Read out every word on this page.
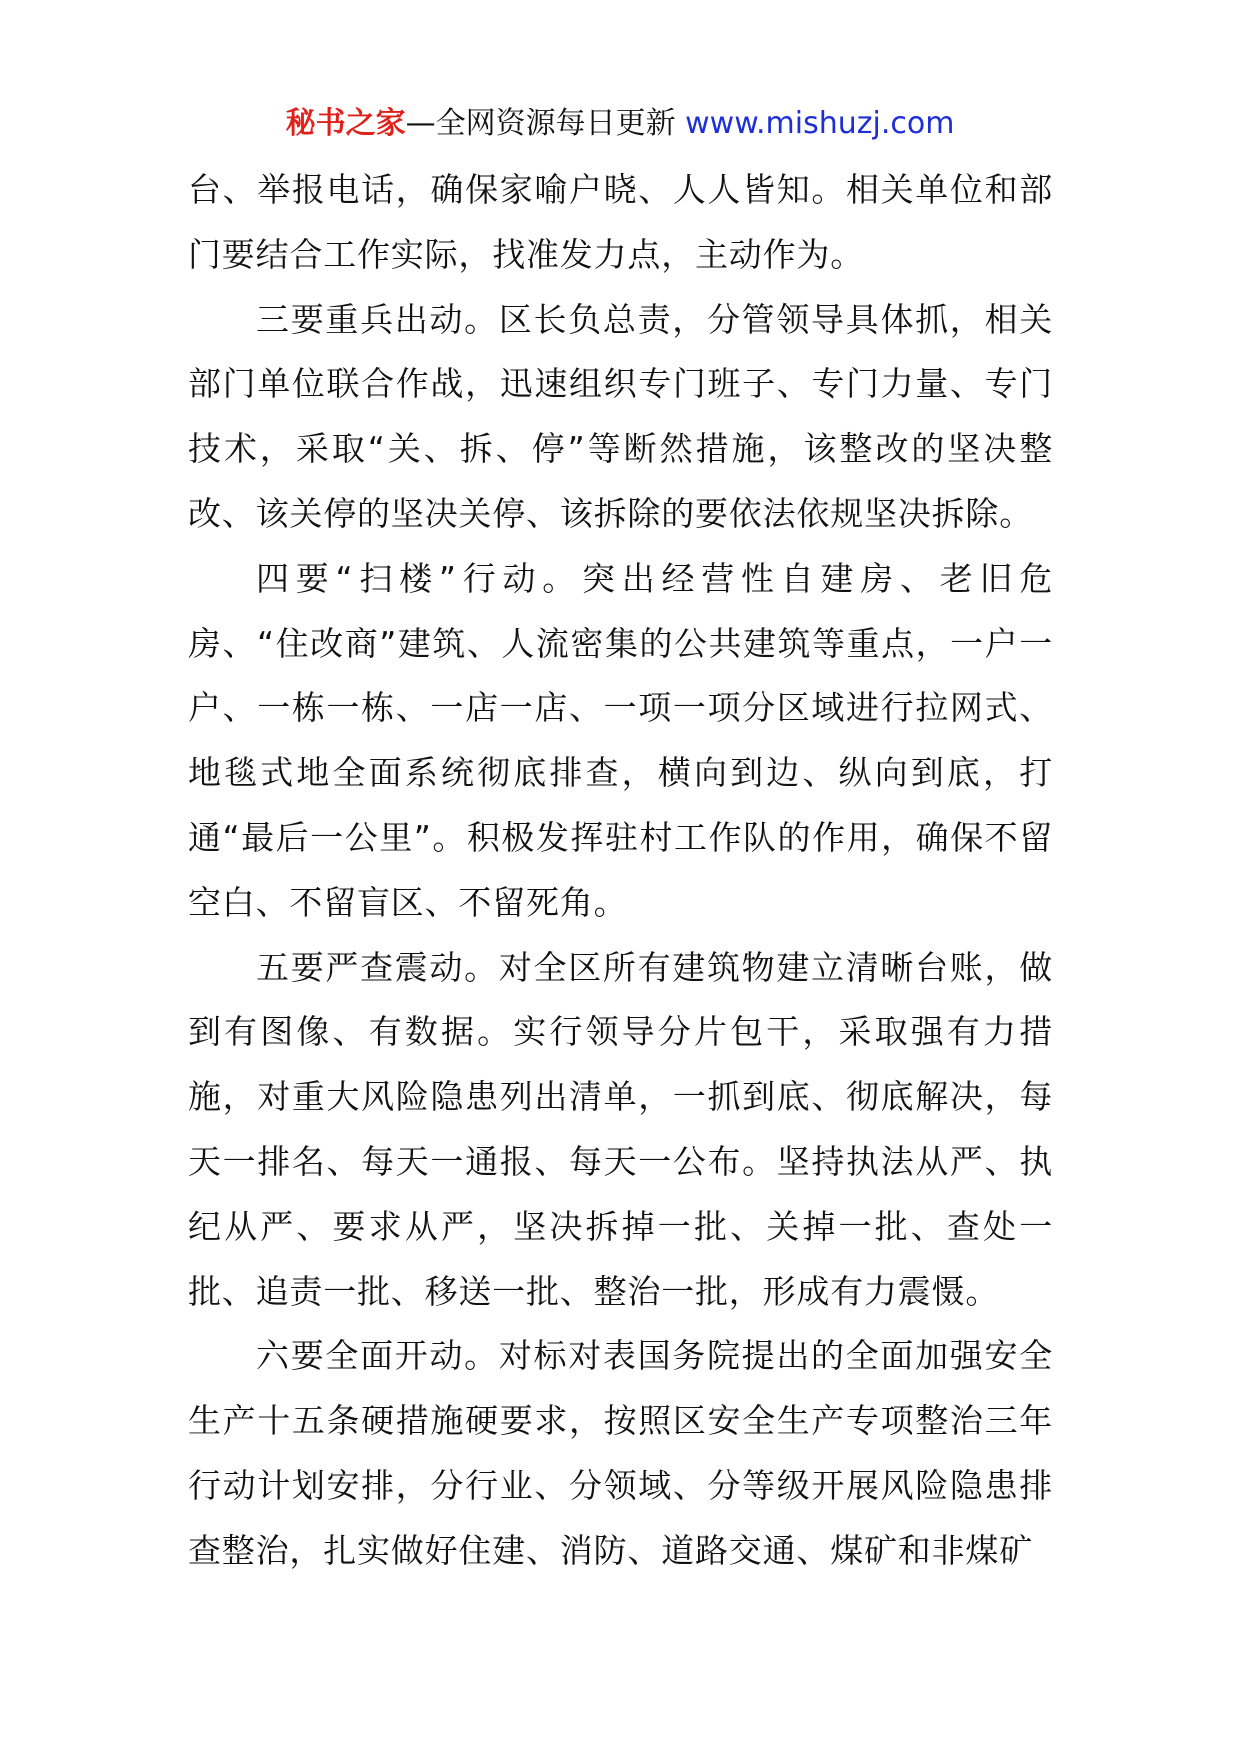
秘书之家—全网资源每日更新 www.mishuzj.com

台、举报电话，确保家喻户晓、人人皆知。相关单位和部门要结合工作实际，找准发力点，主动作为。

三要重兵出动。区长负总责，分管领导具体抓，相关部门单位联合作战，迅速组织专门班子、专门力量、专门技术，采取“关、拆、停”等断然措施，该整改的坚决整改、该关停的坚决关停、该拆除的要依法依规坚决拆除。

四要“扫楼”行动。突出经营性自建房、老旧危房、“住改商”建筑、人流密集的公共建筑等重点，一户一户、一栋一栋、一店一店、一项一项分区域进行拉网式、地毯式地全面系统彻底排查，横向到边、纵向到底，打通“最后一公里”。积极发挥驻村工作队的作用，确保不留空白、不留盲区、不留死角。

五要严查震动。对全区所有建筑物建立清晰台账，做到有图像、有数据。实行领导分片包干，采取强有力措施，对重大风险隐患列出清单，一抓到底、彻底解决，每天一排名、每天一通报、每天一公布。坚持执法从严、执纪从严、要求从严，坚决拆掉一批、关掉一批、查处一批、追责一批、移送一批、整治一批，形成有力震慑。

六要全面开动。对标对表国务院提出的全面加强安全生产十五条硬措施硬要求，按照区安全生产专项整治三年行动计划安排，分行业、分领域、分等级开展风险隐患排查整治，扎实做好住建、消防、道路交通、煤矿和非煤矿
